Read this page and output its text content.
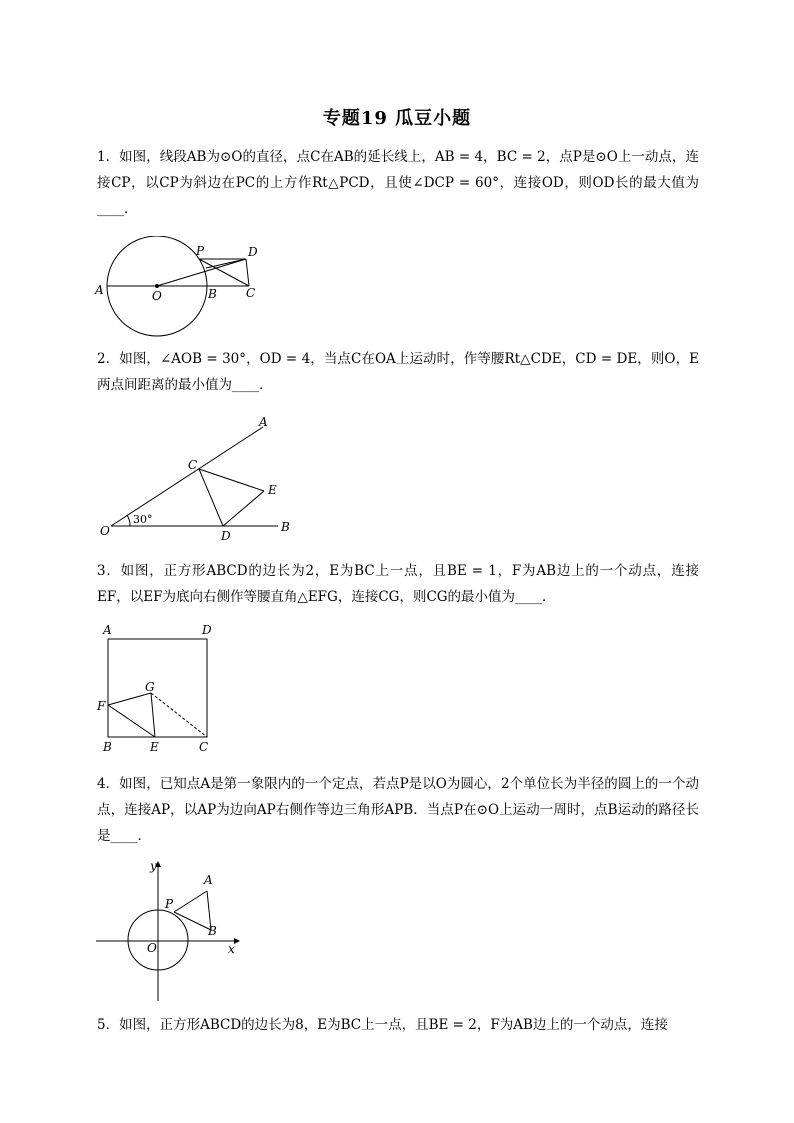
专题19 瓜豆小题
1．如图，线段AB为⊙O的直径，点C在AB的延长线上，AB = 4，BC = 2，点P是⊙O上一动点，连接CP，以CP为斜边在PC的上方作Rt△PCD，且使∠DCP = 60°，连接OD，则OD长的最大值为____．
A	O	B C
P	D
2．如图，∠AOB = 30°，OD = 4，当点C在OA上运动时，作等腰Rt△CDE，CD = DE，则O，E两点间距离的最小值为____．
A
C
E
O	D
B
30°
3．如图，正方形ABCD的边长为2，E为BC上一点，且BE = 1，F为AB边上的一个动点，连接EF，以EF为底向右侧作等腰直角△EFG，连接CG，则CG的最小值为____．
A	D
G
F
B	E	C
4．如图，已知点A是第一象限内的一个定点，若点P是以O为圆心，2个单位长为半径的圆上的一个动点，连接AP，以AP为边向AP右侧作等边三角形APB．当点P在⊙O上运动一周时，点B运动的路径长是____．
y
A
P
B
O	x
5．如图，正方形ABCD的边长为8，E为BC上一点，且BE = 2，F为AB边上的一个动点，连接
